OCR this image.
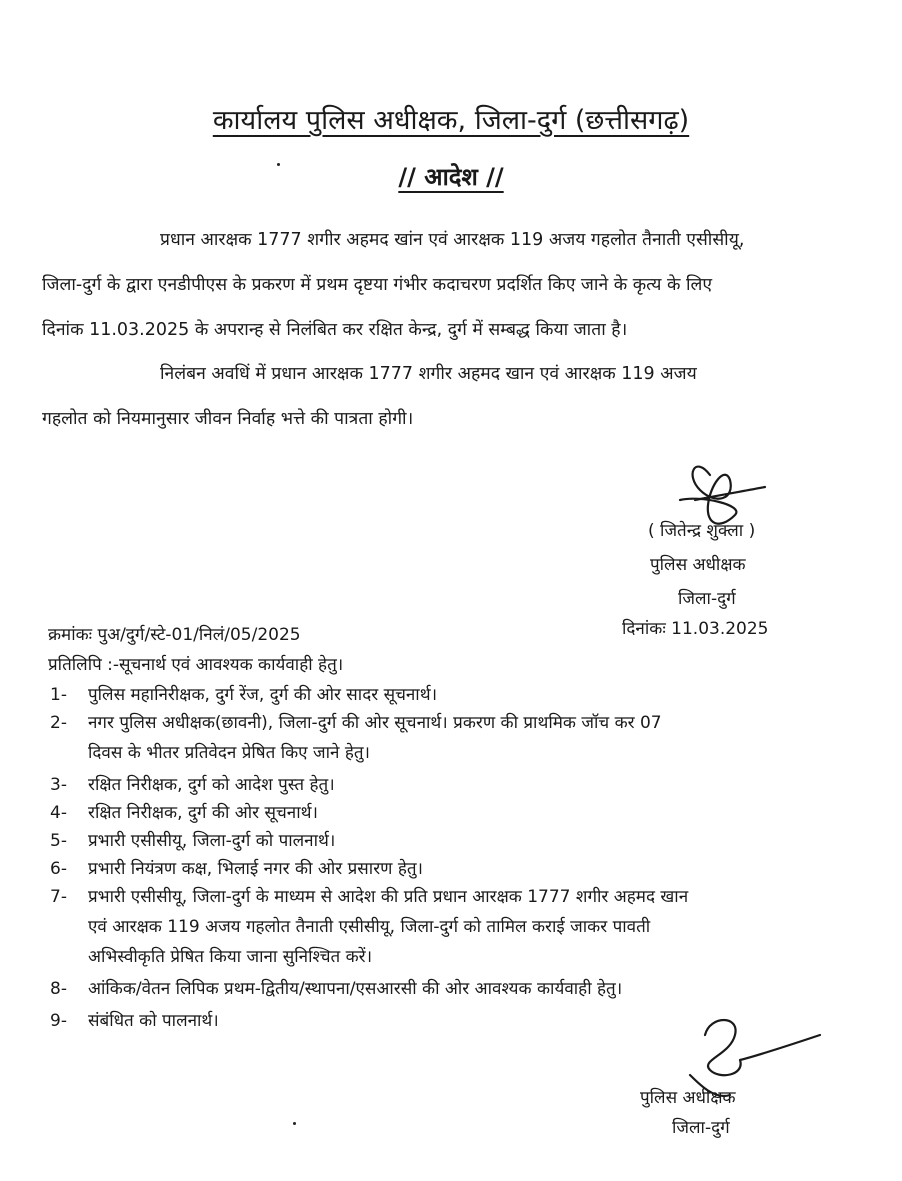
कार्यालय पुलिस अधीक्षक, जिला-दुर्ग (छत्तीसगढ़)
// आदेश //
प्रधान आरक्षक 1777 शगीर अहमद खांन एवं आरक्षक 119 अजय गहलोत तैनाती एसीसीयू,
जिला-दुर्ग के द्वारा एनडीपीएस के प्रकरण में प्रथम दृष्टया गंभीर कदाचरण प्रदर्शित किए जाने के कृत्य के लिए
दिनांक 11.03.2025 के अपरान्ह से निलंबित कर रक्षित केन्द्र, दुर्ग में सम्बद्ध किया जाता है।
निलंबन अवधिं में प्रधान आरक्षक 1777 शगीर अहमद खान एवं आरक्षक 119 अजय
गहलोत को नियमानुसार जीवन निर्वाह भत्ते की पात्रता होगी।
( जितेन्द्र शुक्ला )
पुलिस अधीक्षक
जिला-दुर्ग
दिनांकः 11.03.2025
क्रमांकः पुअ/दुर्ग/स्टे-01/निलं/05/2025
प्रतिलिपि :-सूचनार्थ एवं आवश्यक कार्यवाही हेतु।
1- पुलिस महानिरीक्षक, दुर्ग रेंज, दुर्ग की ओर सादर सूचनार्थ।
2- नगर पुलिस अधीक्षक(छावनी), जिला-दुर्ग की ओर सूचनार्थ। प्रकरण की प्राथमिक जॉच कर 07
दिवस के भीतर प्रतिवेदन प्रेषित किए जाने हेतु।
3- रक्षित निरीक्षक, दुर्ग को आदेश पुस्त हेतु।
4- रक्षित निरीक्षक, दुर्ग की ओर सूचनार्थ।
5- प्रभारी एसीसीयू, जिला-दुर्ग को पालनार्थ।
6- प्रभारी नियंत्रण कक्ष, भिलाई नगर की ओर प्रसारण हेतु।
7- प्रभारी एसीसीयू, जिला-दुर्ग के माध्यम से आदेश की प्रति प्रधान आरक्षक 1777 शगीर अहमद खान
एवं आरक्षक 119 अजय गहलोत तैनाती एसीसीयू, जिला-दुर्ग को तामिल कराई जाकर पावती
अभिस्वीकृति प्रेषित किया जाना सुनिश्चित करें।
8- आंकिक/वेतन लिपिक प्रथम-द्वितीय/स्थापना/एसआरसी की ओर आवश्यक कार्यवाही हेतु।
9- संबंधित को पालनार्थ।
पुलिस अधीक्षक
जिला-दुर्ग
